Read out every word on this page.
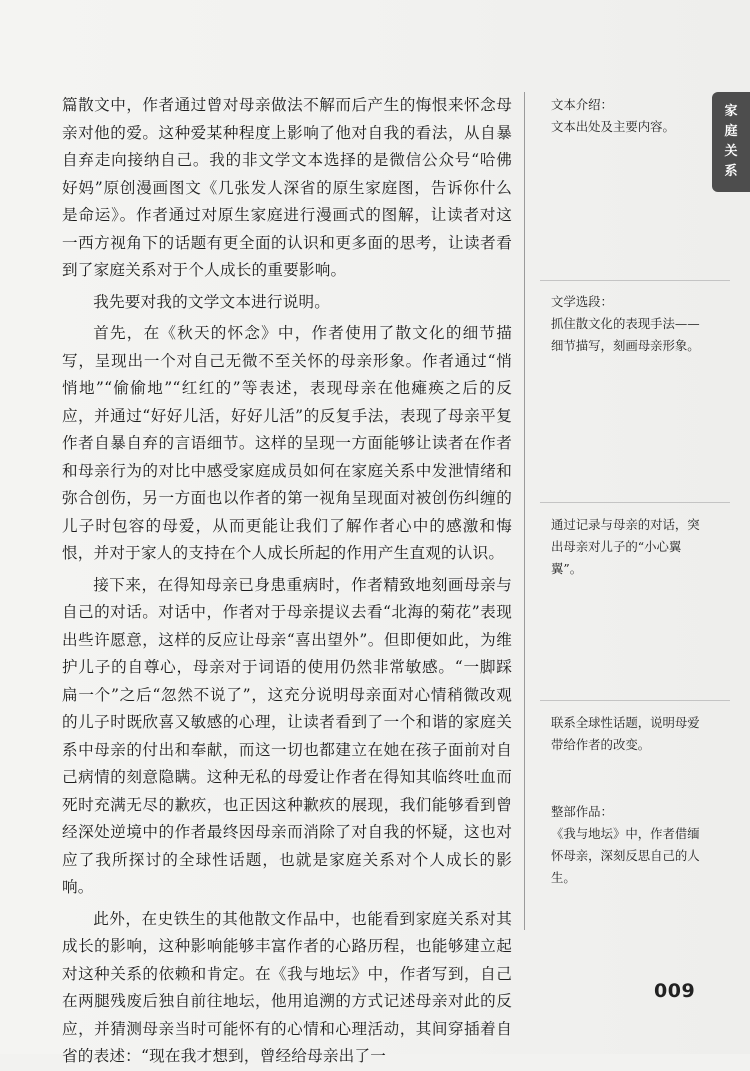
家
庭
关
系

篇散文中，作者通过曾对母亲做法不解而后产生的悔恨来怀念母亲对他的爱。这种爱某种程度上影响了他对自我的看法，从自暴自弃走向接纳自己。我的非文学文本选择的是微信公众号“哈佛好妈”原创漫画图文《几张发人深省的原生家庭图，告诉你什么是命运》。作者通过对原生家庭进行漫画式的图解，让读者对这一西方视角下的话题有更全面的认识和更多面的思考，让读者看到了家庭关系对于个人成长的重要影响。

我先要对我的文学文本进行说明。

首先，在《秋天的怀念》中，作者使用了散文化的细节描写，呈现出一个对自己无微不至关怀的母亲形象。作者通过“悄悄地”“偷偷地”“红红的”等表述，表现母亲在他瘫痪之后的反应，并通过“好好儿活，好好儿活”的反复手法，表现了母亲平复作者自暴自弃的言语细节。这样的呈现一方面能够让读者在作者和母亲行为的对比中感受家庭成员如何在家庭关系中发泄情绪和弥合创伤，另一方面也以作者的第一视角呈现面对被创伤纠缠的儿子时包容的母爱，从而更能让我们了解作者心中的感激和悔恨，并对于家人的支持在个人成长所起的作用产生直观的认识。

接下来，在得知母亲已身患重病时，作者精致地刻画母亲与自己的对话。对话中，作者对于母亲提议去看“北海的菊花”表现出些许愿意，这样的反应让母亲“喜出望外”。但即便如此，为维护儿子的自尊心，母亲对于词语的使用仍然非常敏感。“一脚踩扁一个”之后“忽然不说了”，这充分说明母亲面对心情稍微改观的儿子时既欣喜又敏感的心理，让读者看到了一个和谐的家庭关系中母亲的付出和奉献，而这一切也都建立在她在孩子面前对自己病情的刻意隐瞒。这种无私的母爱让作者在得知其临终吐血而死时充满无尽的歉疚，也正因这种歉疚的展现，我们能够看到曾经深处逆境中的作者最终因母亲而消除了对自我的怀疑，这也对应了我所探讨的全球性话题，也就是家庭关系对个人成长的影响。

此外，在史铁生的其他散文作品中，也能看到家庭关系对其成长的影响，这种影响能够丰富作者的心路历程，也能够建立起对这种关系的依赖和肯定。在《我与地坛》中，作者写到，自己在两腿残废后独自前往地坛，他用追溯的方式记述母亲对此的反应，并猜测母亲当时可能怀有的心情和心理活动，其间穿插着自省的表述：“现在我才想到，曾经给母亲出了一

文本介绍：
文本出处及主要内容。
文学选段：
抓住散文化的表现手法——细节描写，刻画母亲形象。
通过记录与母亲的对话，突出母亲对儿子的“小心翼翼”。
联系全球性话题，说明母爱带给作者的改变。
整部作品：
《我与地坛》中，作者借缅怀母亲，深刻反思自己的人生。
009
